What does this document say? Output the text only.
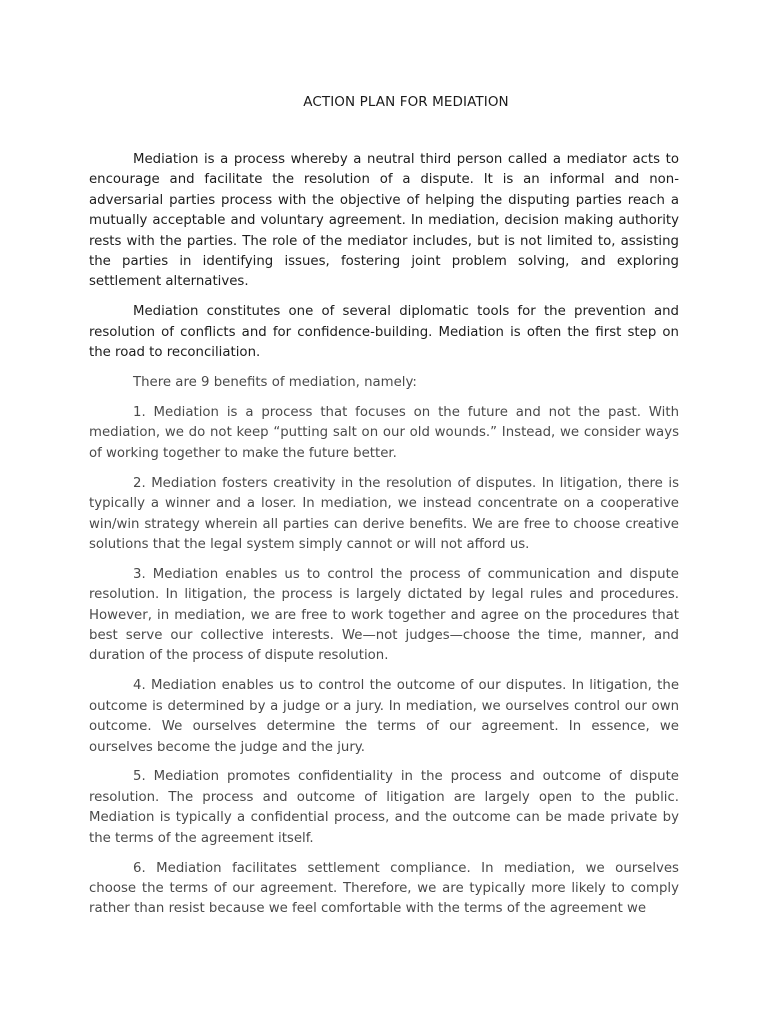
ACTION PLAN FOR MEDIATION

Mediation is a process whereby a neutral third person called a mediator acts to encourage and facilitate the resolution of a dispute. It is an informal and non-adversarial parties process with the objective of helping the disputing parties reach a mutually acceptable and voluntary agreement. In mediation, decision making authority rests with the parties. The role of the mediator includes, but is not limited to, assisting the parties in identifying issues, fostering joint problem solving, and exploring settlement alternatives.

Mediation constitutes one of several diplomatic tools for the prevention and resolution of conflicts and for confidence-building. Mediation is often the first step on the road to reconciliation.

There are 9 benefits of mediation, namely:

1. Mediation is a process that focuses on the future and not the past. With mediation, we do not keep “putting salt on our old wounds.” Instead, we consider ways of working together to make the future better.

2. Mediation fosters creativity in the resolution of disputes. In litigation, there is typically a winner and a loser. In mediation, we instead concentrate on a cooperative win/win strategy wherein all parties can derive benefits. We are free to choose creative solutions that the legal system simply cannot or will not afford us.

3. Mediation enables us to control the process of communication and dispute resolution. In litigation, the process is largely dictated by legal rules and procedures. However, in mediation, we are free to work together and agree on the procedures that best serve our collective interests. We—not judges—choose the time, manner, and duration of the process of dispute resolution.

4. Mediation enables us to control the outcome of our disputes. In litigation, the outcome is determined by a judge or a jury. In mediation, we ourselves control our own outcome. We ourselves determine the terms of our agreement. In essence, we ourselves become the judge and the jury.

5. Mediation promotes confidentiality in the process and outcome of dispute resolution. The process and outcome of litigation are largely open to the public. Mediation is typically a confidential process, and the outcome can be made private by the terms of the agreement itself.

6. Mediation facilitates settlement compliance. In mediation, we ourselves choose the terms of our agreement. Therefore, we are typically more likely to comply rather than resist because we feel comfortable with the terms of the agreement we
